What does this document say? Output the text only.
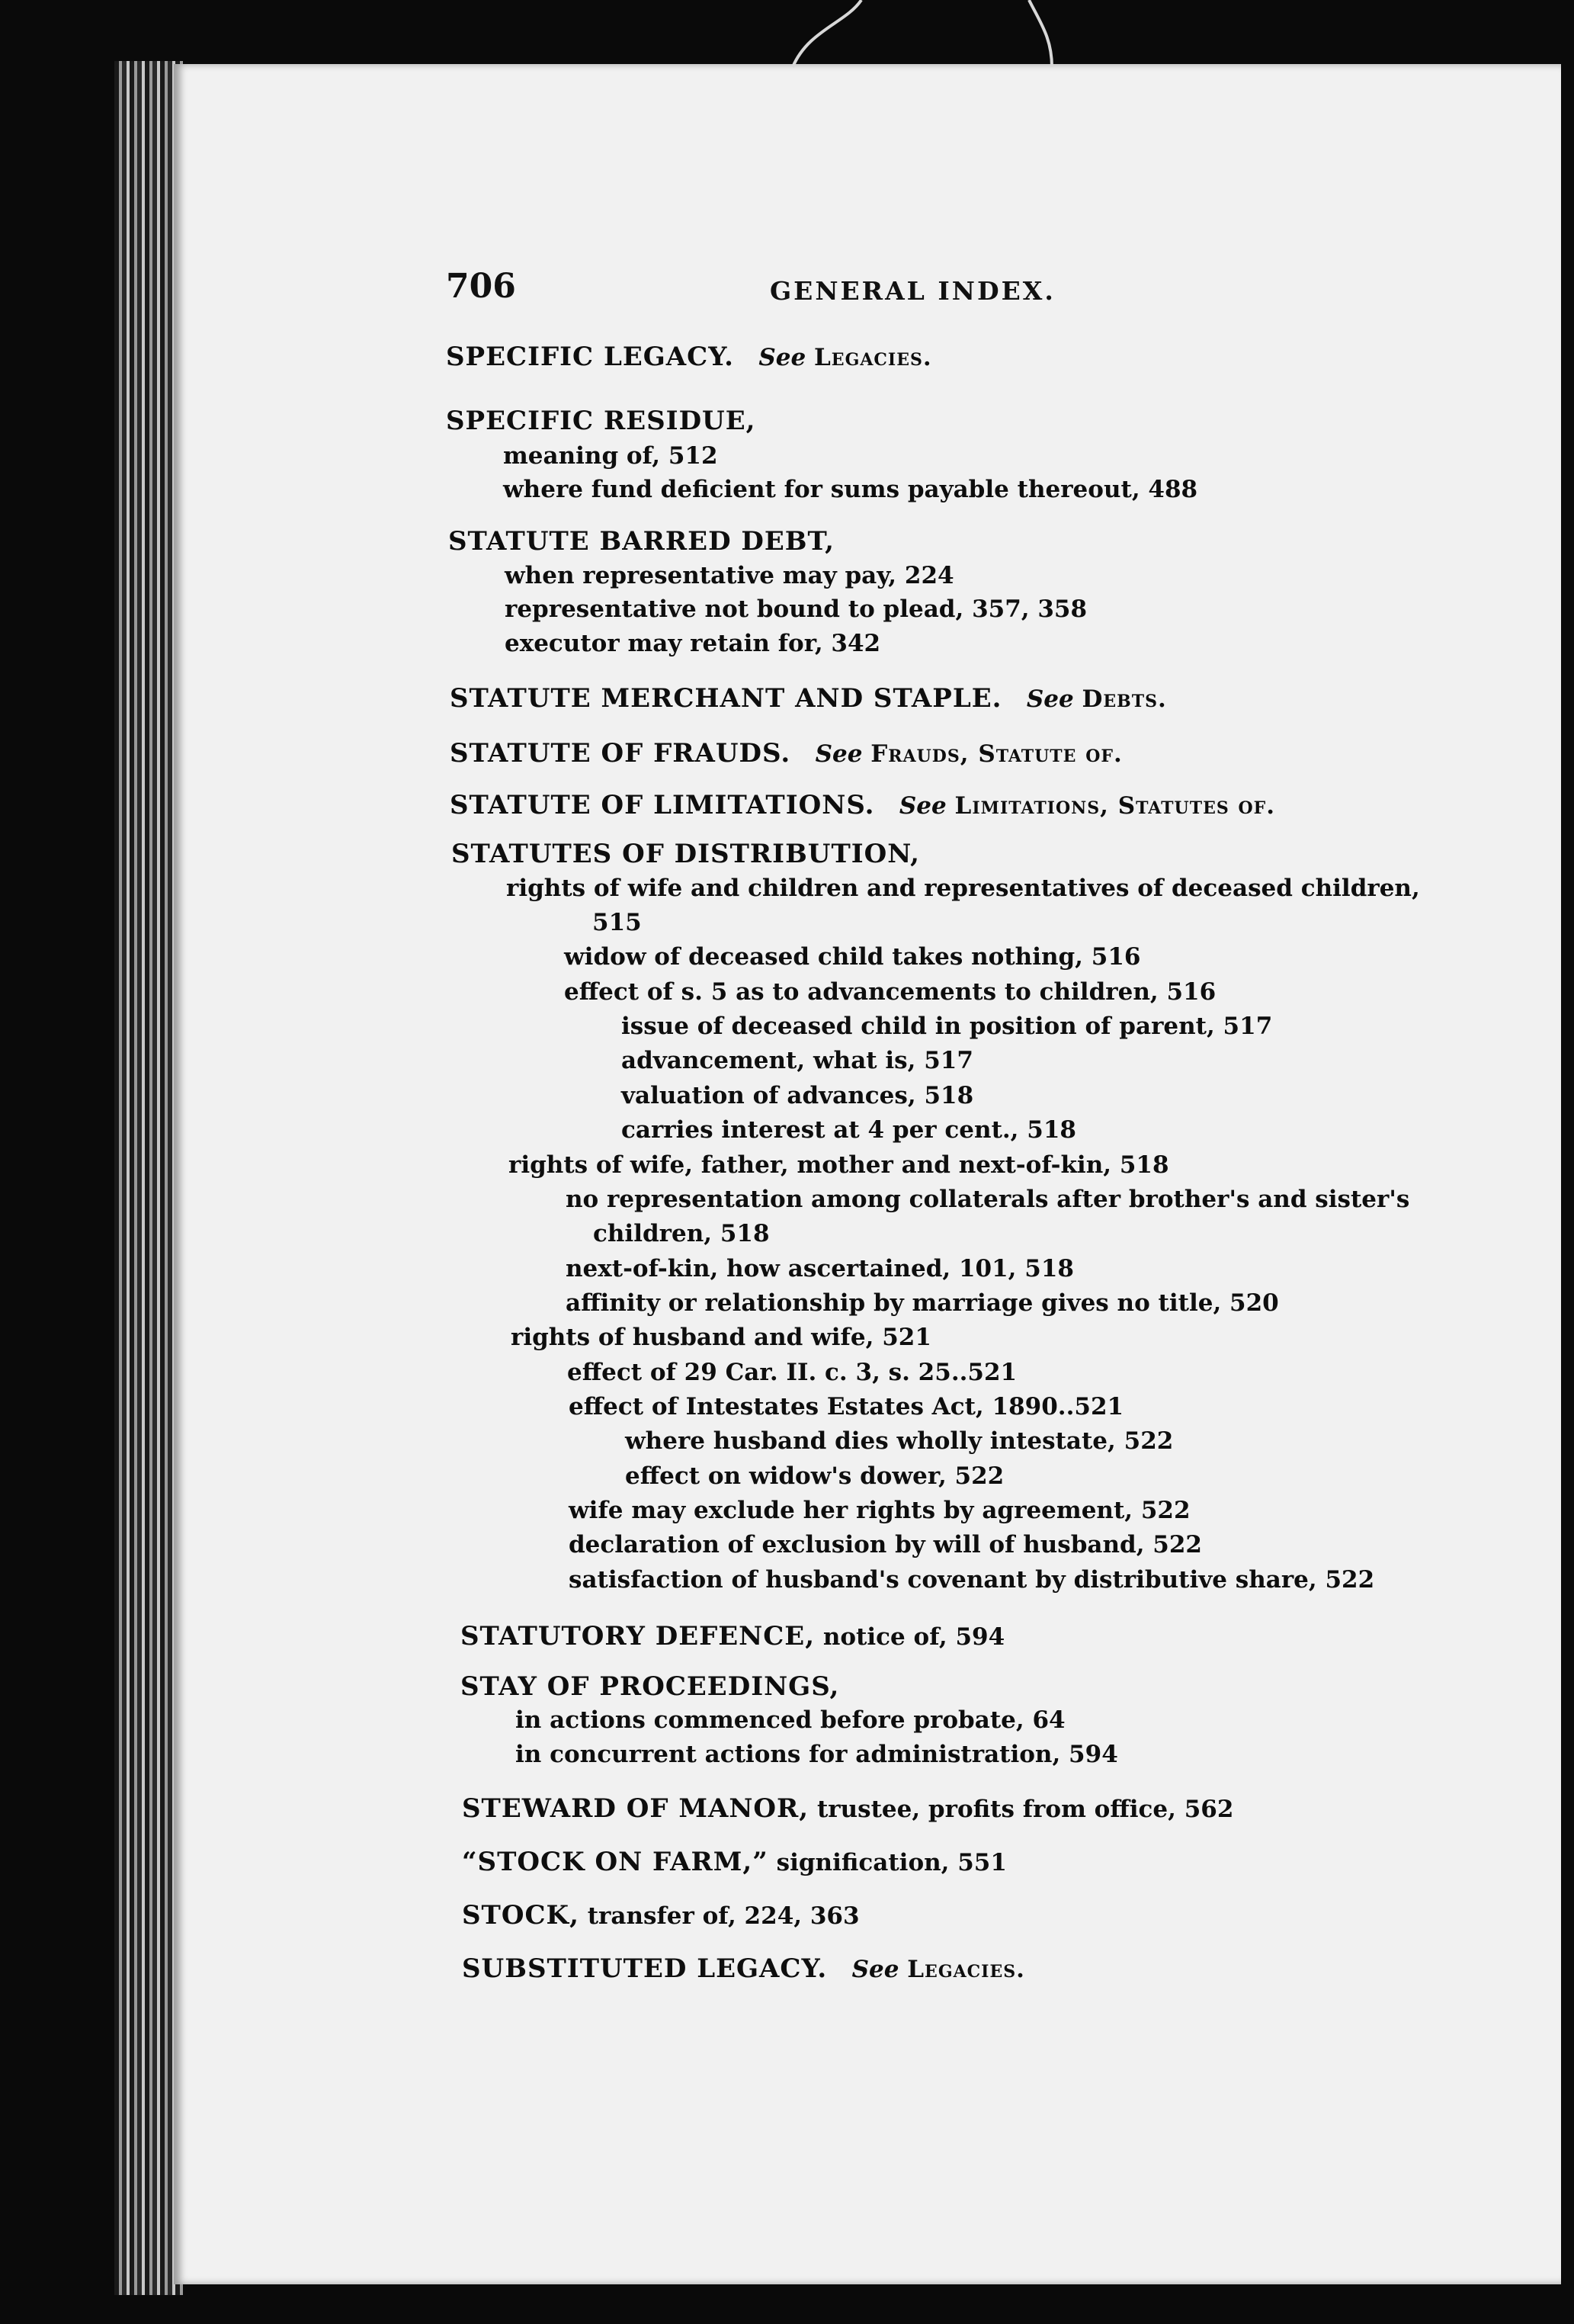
706	GENERAL INDEX.
SPECIFIC LEGACY. See Legacies.
SPECIFIC RESIDUE,
meaning of, 512
where fund deficient for sums payable thereout, 488
STATUTE BARRED DEBT,
when representative may pay, 224
representative not bound to plead, 357, 358
executor may retain for, 342
STATUTE MERCHANT AND STAPLE. See Debts.
STATUTE OF FRAUDS. See Frauds, Statute of.
STATUTE OF LIMITATIONS. See Limitations, Statutes of.
STATUTES OF DISTRIBUTION,
rights of wife and children and representatives of deceased children,
515
widow of deceased child takes nothing, 516
effect of s. 5 as to advancements to children, 516
issue of deceased child in position of parent, 517
advancement, what is, 517
valuation of advances, 518
carries interest at 4 per cent., 518
rights of wife, father, mother and next-of-kin, 518
no representation among collaterals after brother's and sister's
children, 518
next-of-kin, how ascertained, 101, 518
affinity or relationship by marriage gives no title, 520
rights of husband and wife, 521
effect of 29 Car. II. c. 3, s. 25..521
effect of Intestates Estates Act, 1890..521
where husband dies wholly intestate, 522
effect on widow's dower, 522
wife may exclude her rights by agreement, 522
declaration of exclusion by will of husband, 522
satisfaction of husband's covenant by distributive share, 522
STATUTORY DEFENCE, notice of, 594
STAY OF PROCEEDINGS,
in actions commenced before probate, 64
in concurrent actions for administration, 594
STEWARD OF MANOR, trustee, profits from office, 562
“STOCK ON FARM,” signification, 551
STOCK, transfer of, 224, 363
SUBSTITUTED LEGACY. See Legacies.
